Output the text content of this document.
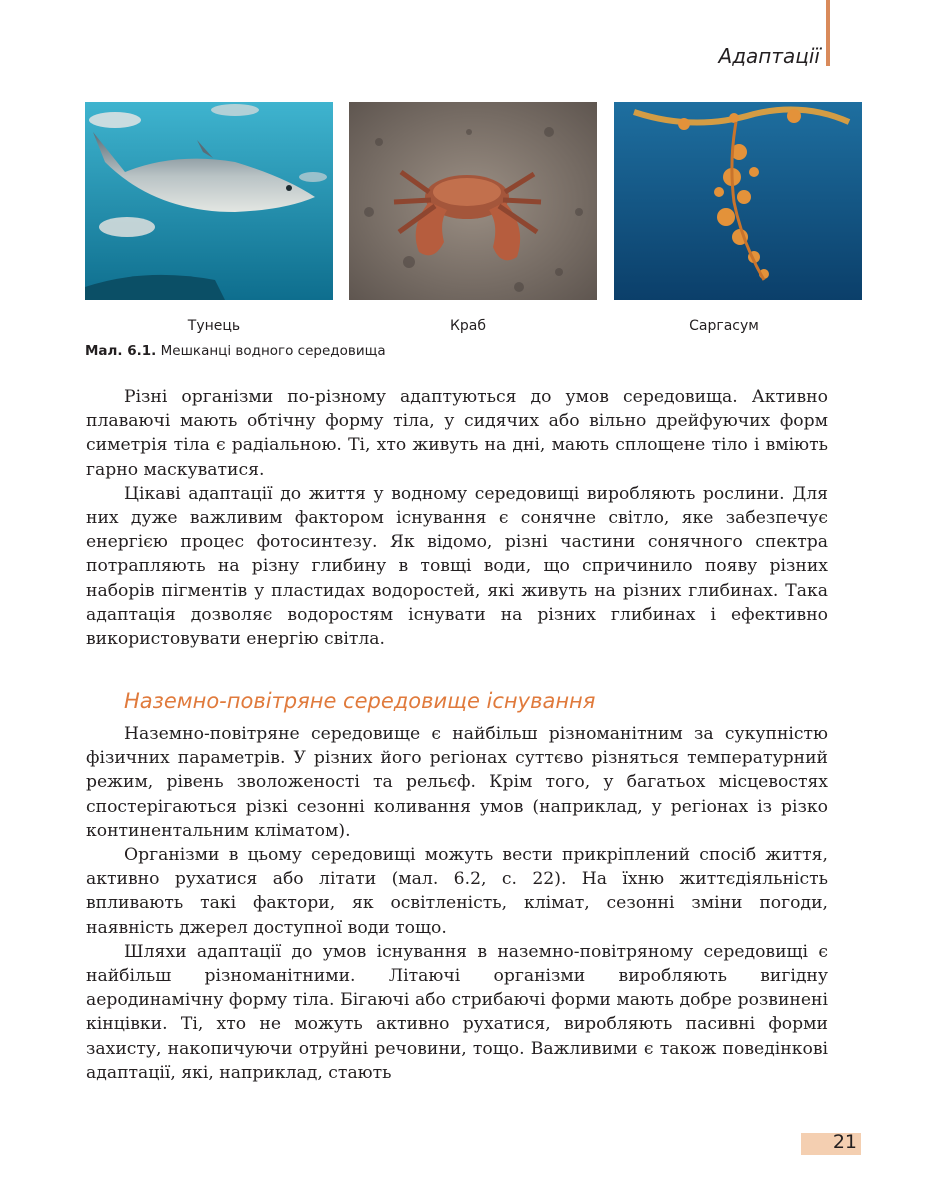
Адаптації
Тунець	Краб	Саргасум
Мал. 6.1. Мешканці водного середовища

Різні організми по-різному адаптуються до умов середовища. Активно плаваючі мають обтічну форму тіла, у сидячих або вільно дрейфуючих форм симетрія тіла є радіальною. Ті, хто живуть на дні, мають сплощене тіло і вміють гарно маскуватися.

Цікаві адаптації до життя у водному середовищі виробляють рослини. Для них дуже важливим фактором існування є сонячне світло, яке забезпечує енергією процес фотосинтезу. Як відомо, різні частини сонячного спектра потрапляють на різну глибину в товщі води, що спричинило появу різних наборів пігментів у пластидах водоростей, які живуть на різних глибинах. Така адаптація дозволяє водоростям існувати на різних глибинах і ефективно використовувати енергію світла.

Наземно-повітряне середовище існування

Наземно-повітряне середовище є найбільш різноманітним за сукупністю фізичних параметрів. У різних його регіонах суттєво різняться температурний режим, рівень зволоженості та рельєф. Крім того, у багатьох місцевостях спостерігаються різкі сезонні коливання умов (наприклад, у регіонах із різко континентальним кліматом).

Організми в цьому середовищі можуть вести прикріплений спосіб життя, активно рухатися або літати (мал. 6.2, с. 22). На їхню життєдіяльність впливають такі фактори, як освітленість, клімат, сезонні зміни погоди, наявність джерел доступної води тощо.

Шляхи адаптації до умов існування в наземно-повітряному середовищі є найбільш різноманітними. Літаючі організми виробляють вигідну аеродинамічну форму тіла. Бігаючі або стрибаючі форми мають добре розвинені кінцівки. Ті, хто не можуть активно рухатися, виробляють пасивні форми захисту, накопичуючи отруйні речовини, тощо. Важливими є також поведінкові адаптації, які, наприклад, стають

21
